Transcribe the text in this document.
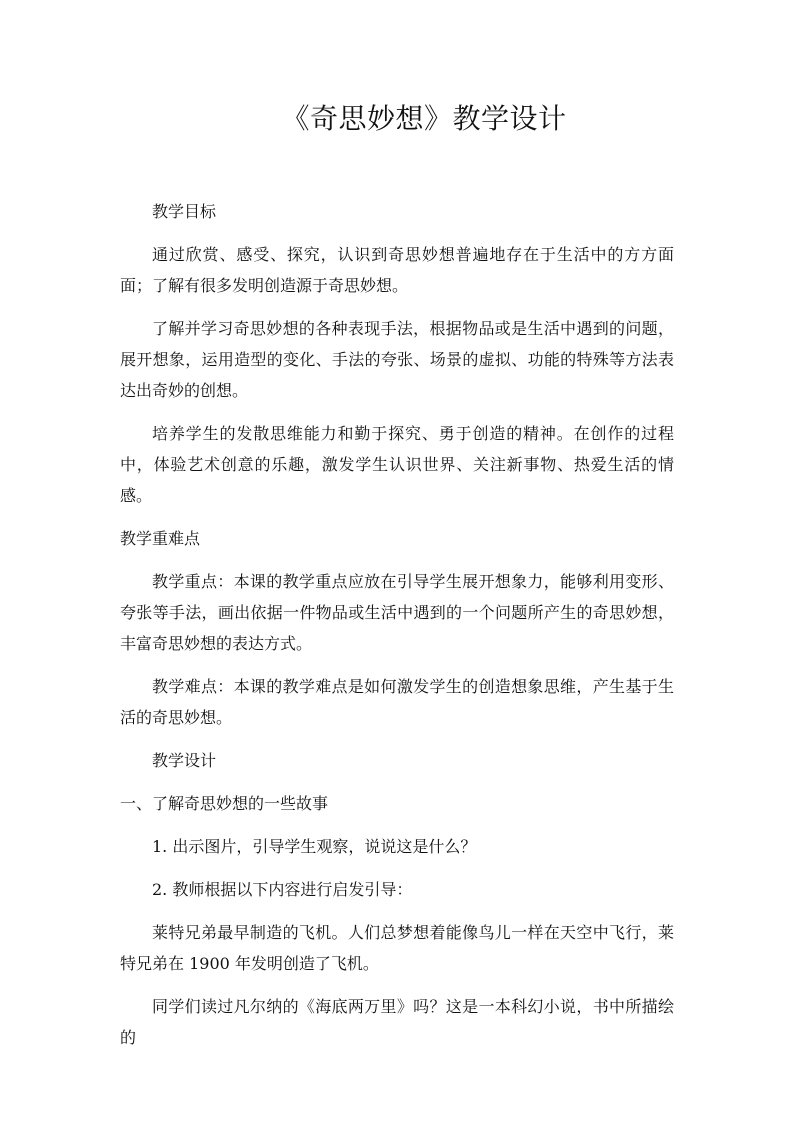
《奇思妙想》教学设计

教学目标

通过欣赏、感受、探究，认识到奇思妙想普遍地存在于生活中的方方面面；了解有很多发明创造源于奇思妙想。

了解并学习奇思妙想的各种表现手法，根据物品或是生活中遇到的问题，展开想象，运用造型的变化、手法的夸张、场景的虚拟、功能的特殊等方法表达出奇妙的创想。

培养学生的发散思维能力和勤于探究、勇于创造的精神。在创作的过程中，体验艺术创意的乐趣，激发学生认识世界、关注新事物、热爱生活的情感。

教学重难点

教学重点：本课的教学重点应放在引导学生展开想象力，能够利用变形、夸张等手法，画出依据一件物品或生活中遇到的一个问题所产生的奇思妙想，丰富奇思妙想的表达方式。

教学难点：本课的教学难点是如何激发学生的创造想象思维，产生基于生活的奇思妙想。

教学设计

一、了解奇思妙想的一些故事

1. 出示图片，引导学生观察，说说这是什么？

2. 教师根据以下内容进行启发引导：

莱特兄弟最早制造的飞机。人们总梦想着能像鸟儿一样在天空中飞行，莱特兄弟在 1900 年发明创造了飞机。

同学们读过凡尔纳的《海底两万里》吗？这是一本科幻小说，书中所描绘的
